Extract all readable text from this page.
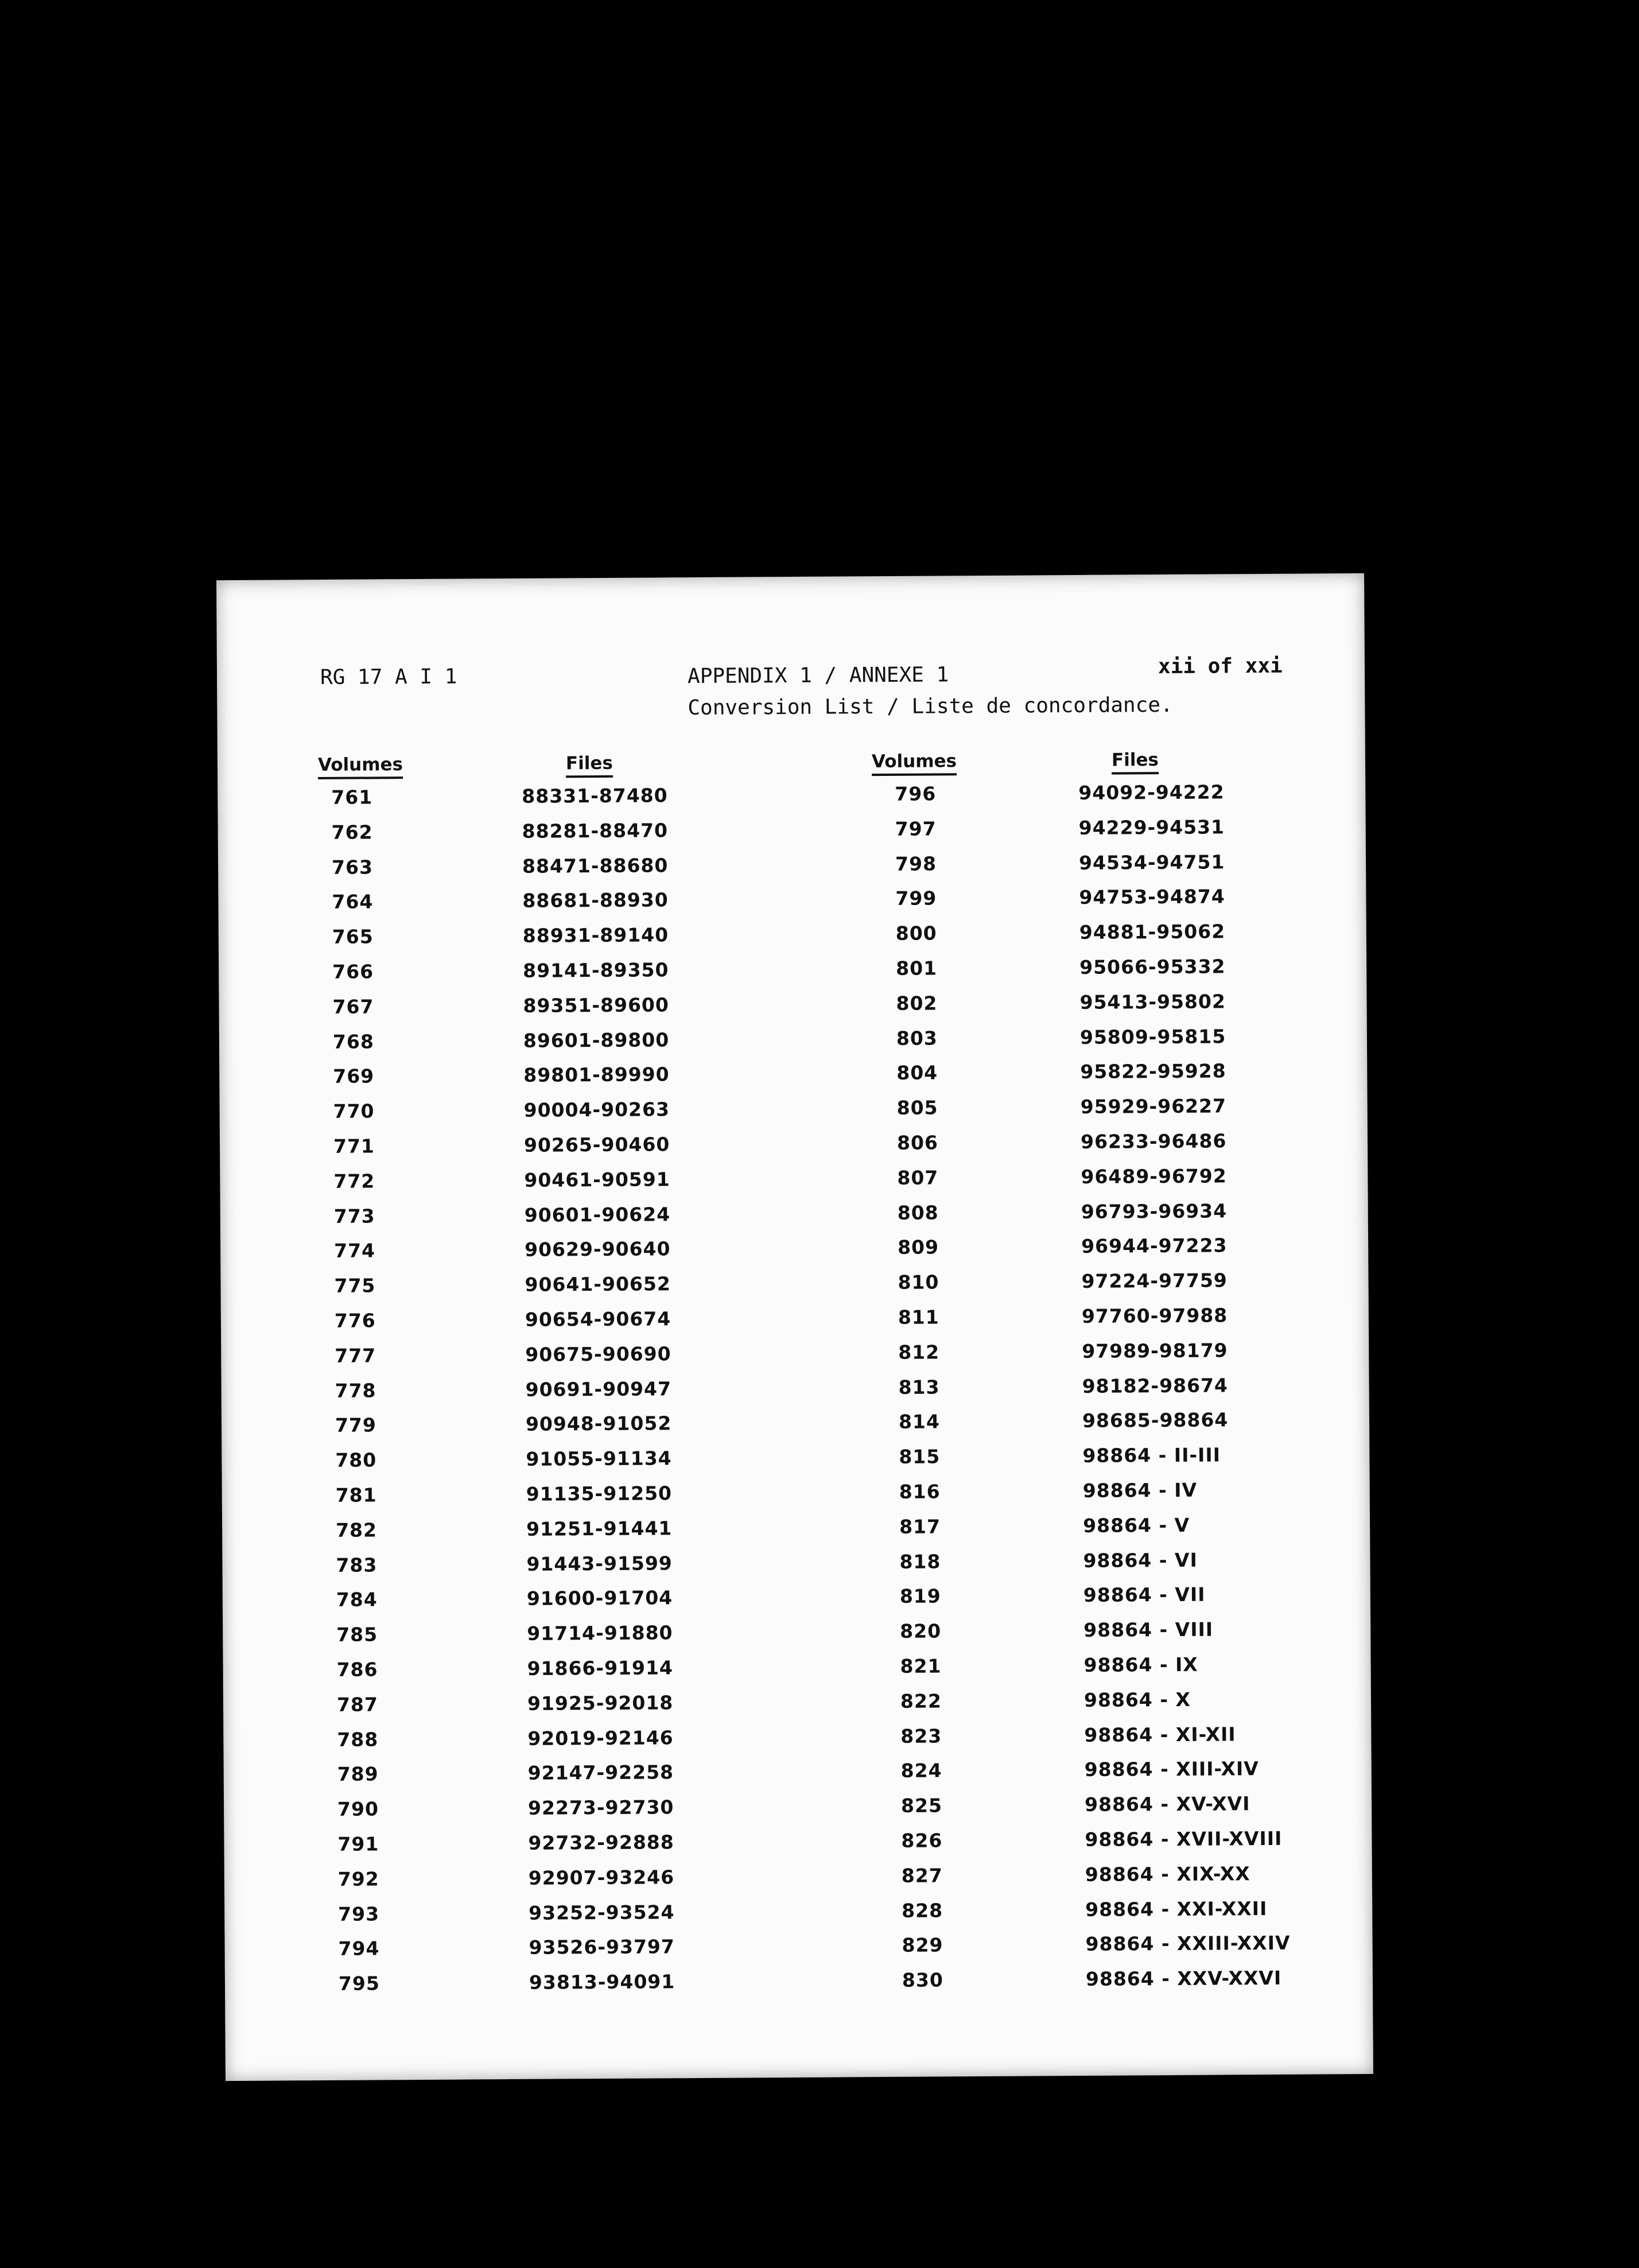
RG 17 A I 1	APPENDIX 1 / ANNEXE 1
Conversion List / Liste de concordance.
xii of xxi
Volumes	Files	Volumes	Files
761	88331-87480	796	94092-94222
762	88281-88470	797	94229-94531
763	88471-88680	798	94534-94751
764	88681-88930	799	94753-94874
765	88931-89140	800	94881-95062
766	89141-89350	801	95066-95332
767	89351-89600	802	95413-95802
768	89601-89800	803	95809-95815
769	89801-89990	804	95822-95928
770	90004-90263	805	95929-96227
771	90265-90460	806	96233-96486
772	90461-90591	807	96489-96792
773	90601-90624	808	96793-96934
774	90629-90640	809	96944-97223
775	90641-90652	810	97224-97759
776	90654-90674	811	97760-97988
777	90675-90690	812	97989-98179
778	90691-90947	813	98182-98674
779	90948-91052	814	98685-98864
780	91055-91134	815	98864 - II-III
781	91135-91250	816	98864 - IV
782	91251-91441	817	98864 - V
783	91443-91599	818	98864 - VI
784	91600-91704	819	98864 - VII
785	91714-91880	820	98864 - VIII
786	91866-91914	821	98864 - IX
787	91925-92018	822	98864 - X
788	92019-92146	823	98864 - XI-XII
789	92147-92258	824	98864 - XIII-XIV
790	92273-92730	825	98864 - XV-XVI
791	92732-92888	826	98864 - XVII-XVIII
792	92907-93246	827	98864 - XIX-XX
793	93252-93524	828	98864 - XXI-XXII
794	93526-93797	829	98864 - XXIII-XXIV
795	93813-94091	830	98864 - XXV-XXVI
